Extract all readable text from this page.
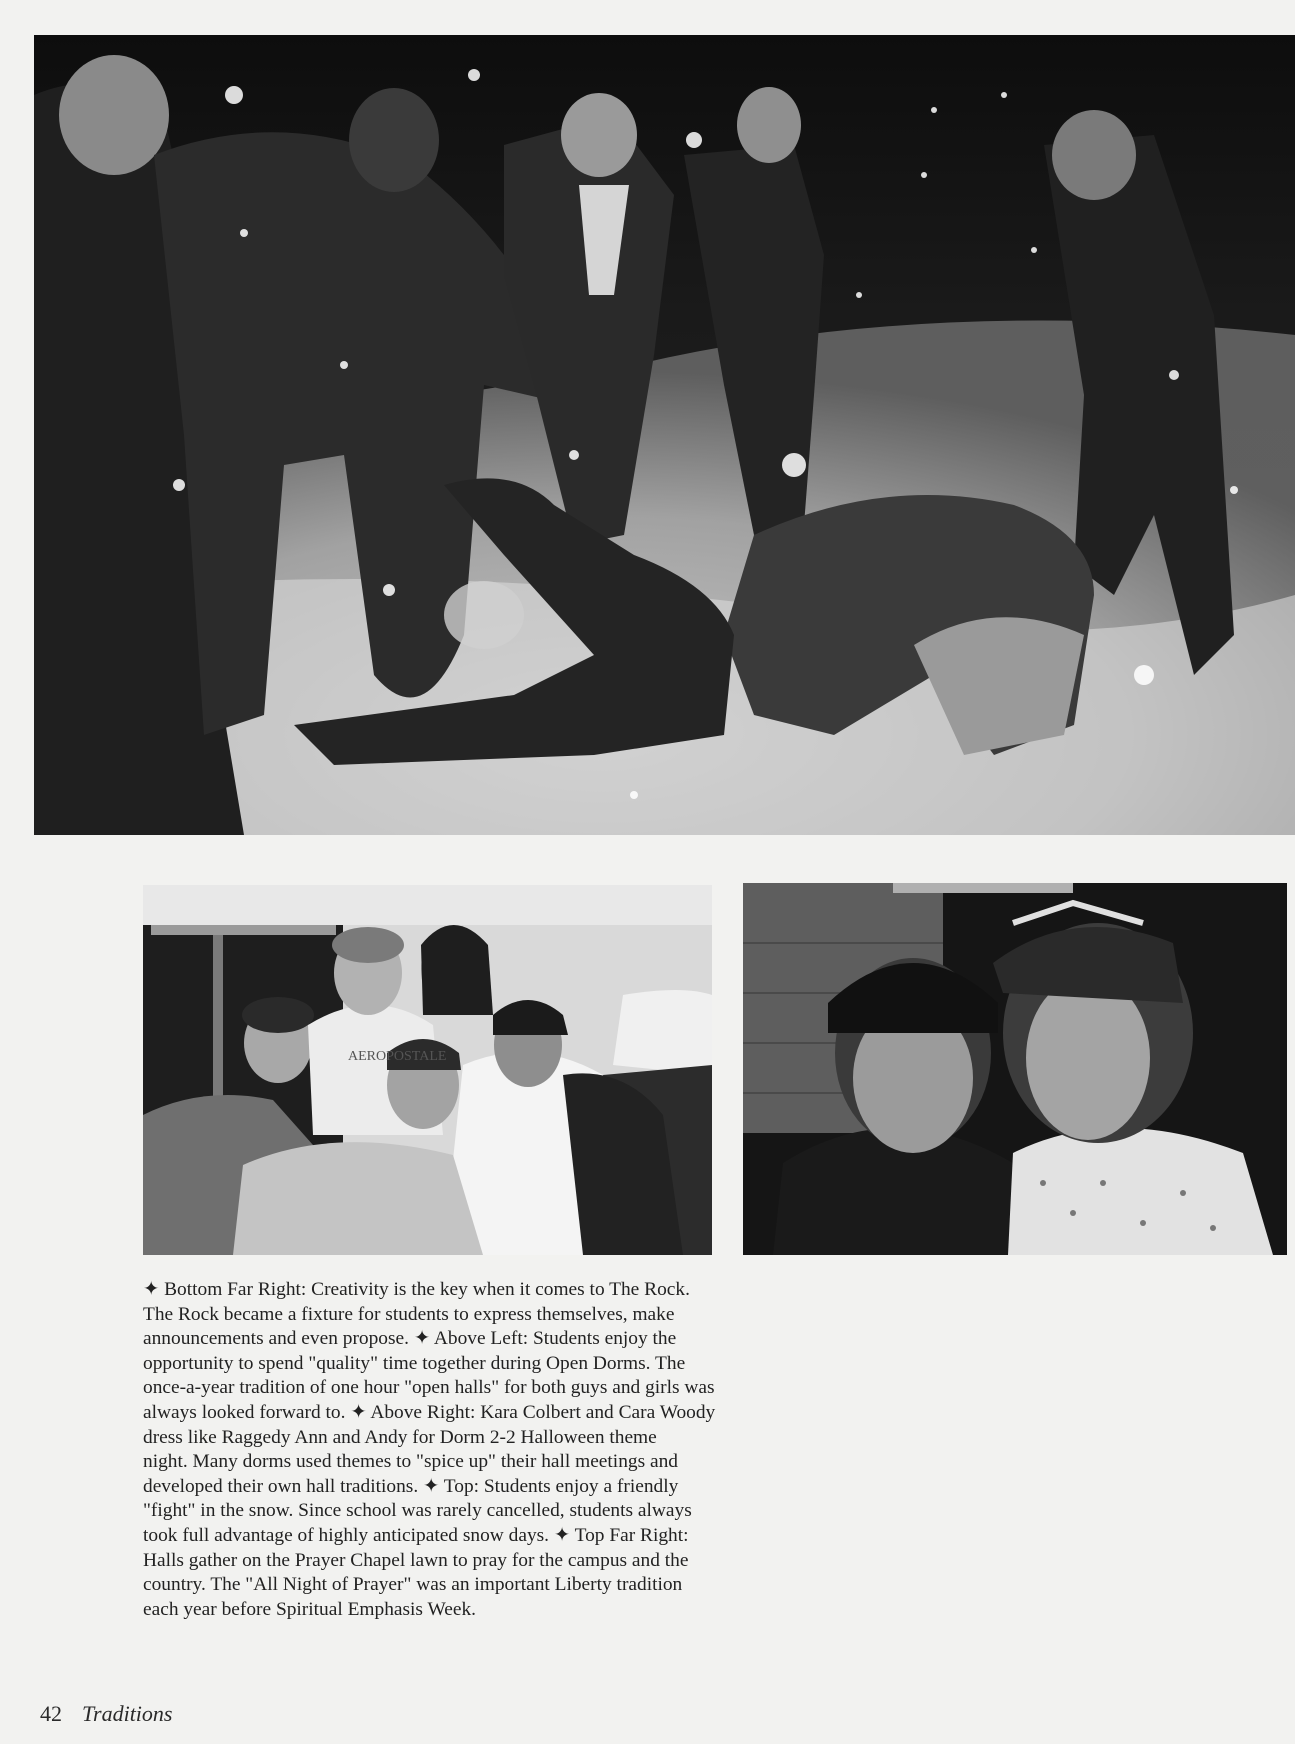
AEROPOSTALE
✦ Bottom Far Right: Creativity is the key when it comes to The Rock.
The Rock became a fixture for students to express themselves, make
announcements and even propose. ✦ Above Left: Students enjoy the
opportunity to spend "quality" time together during Open Dorms. The
once-a-year tradition of one hour "open halls" for both guys and girls was
always looked forward to. ✦ Above Right: Kara Colbert and Cara Woody
dress like Raggedy Ann and Andy for Dorm 2-2 Halloween theme
night. Many dorms used themes to "spice up" their hall meetings and
developed their own hall traditions. ✦ Top: Students enjoy a friendly
"fight" in the snow. Since school was rarely cancelled, students always
took full advantage of highly anticipated snow days. ✦ Top Far Right:
Halls gather on the Prayer Chapel lawn to pray for the campus and the
country. The "All Night of Prayer" was an important Liberty tradition
each year before Spiritual Emphasis Week.
42 Traditions
